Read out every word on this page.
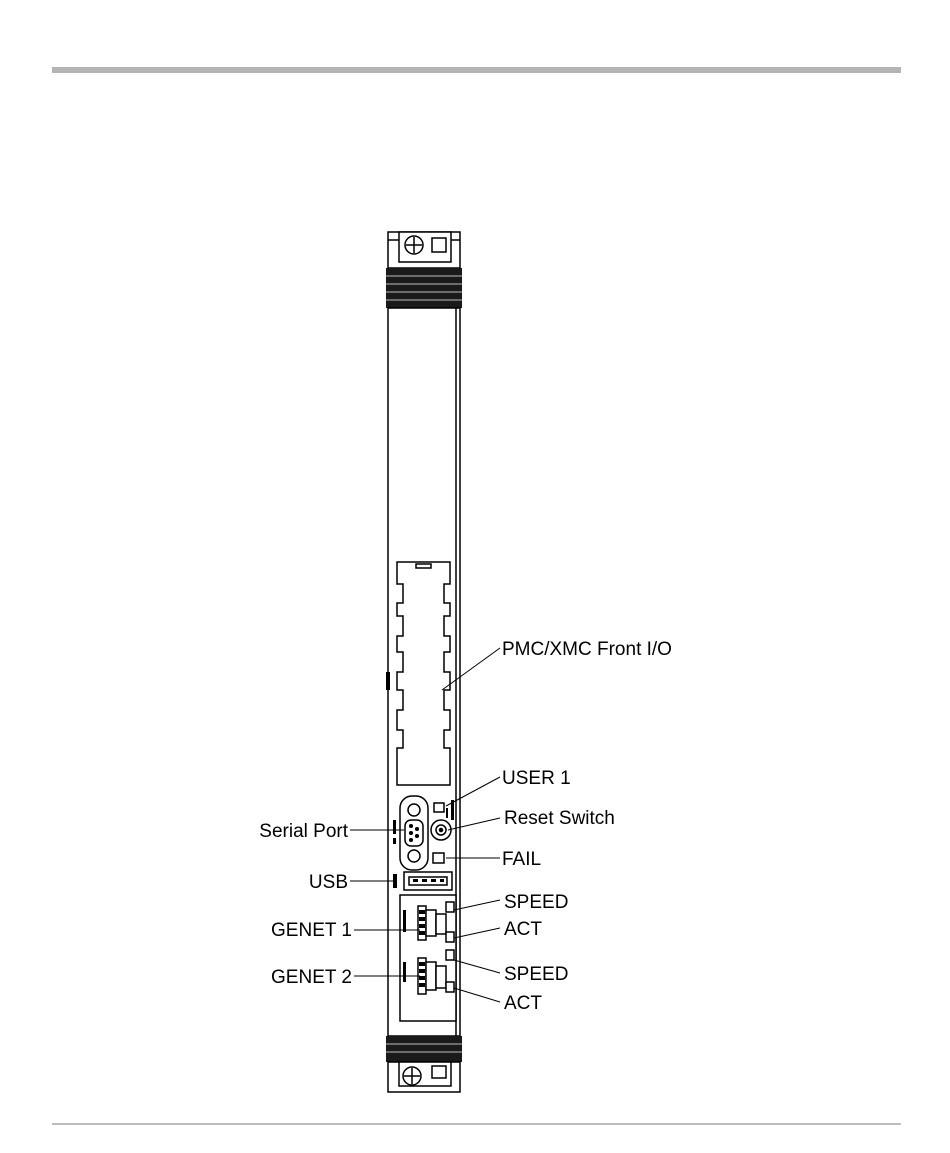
PMC/XMC Front I/O
USER 1
Reset Switch
Serial Port
FAIL
USB
SPEED
GENET 1	ACT
GENET 2	SPEED
ACT
